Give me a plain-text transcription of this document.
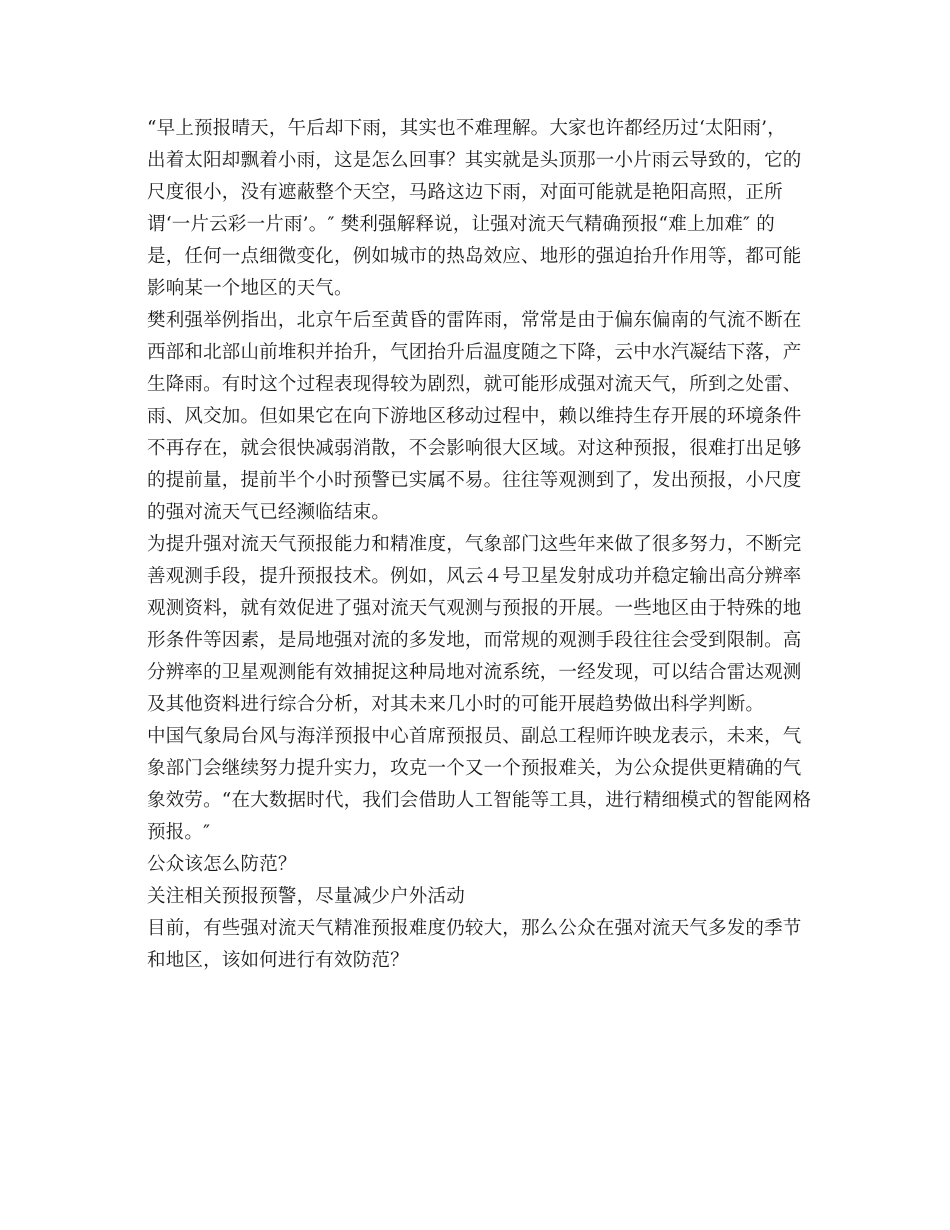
“早上预报晴天，午后却下雨，其实也不难理解。大家也许都经历过‘太阳雨’，
出着太阳却飘着小雨，这是怎么回事？其实就是头顶那一小片雨云导致的，它的
尺度很小，没有遮蔽整个天空，马路这边下雨，对面可能就是艳阳高照，正所
谓‘一片云彩一片雨’。″ 樊利强解释说，让强对流天气精确预报“难上加难″ 的
是，任何一点细微变化，例如城市的热岛效应、地形的强迫抬升作用等，都可能
影响某一个地区的天气。
樊利强举例指出，北京午后至黄昏的雷阵雨，常常是由于偏东偏南的气流不断在
西部和北部山前堆积并抬升，气团抬升后温度随之下降，云中水汽凝结下落，产
生降雨。有时这个过程表现得较为剧烈，就可能形成强对流天气，所到之处雷、
雨、风交加。但如果它在向下游地区移动过程中，赖以维持生存开展的环境条件
不再存在，就会很快减弱消散，不会影响很大区域。对这种预报，很难打出足够
的提前量，提前半个小时预警已实属不易。往往等观测到了，发出预报，小尺度
的强对流天气已经濒临结束。
为提升强对流天气预报能力和精准度，气象部门这些年来做了很多努力，不断完
善观测手段，提升预报技术。例如，风云４号卫星发射成功并稳定输出高分辨率
观测资料，就有效促进了强对流天气观测与预报的开展。一些地区由于特殊的地
形条件等因素，是局地强对流的多发地，而常规的观测手段往往会受到限制。高
分辨率的卫星观测能有效捕捉这种局地对流系统，一经发现，可以结合雷达观测
及其他资料进行综合分析，对其未来几小时的可能开展趋势做出科学判断。
中国气象局台风与海洋预报中心首席预报员、副总工程师许映龙表示，未来，气
象部门会继续努力提升实力，攻克一个又一个预报难关，为公众提供更精确的气
象效劳。“在大数据时代，我们会借助人工智能等工具，进行精细模式的智能网格
预报。″
公众该怎么防范？
关注相关预报预警，尽量减少户外活动
目前，有些强对流天气精准预报难度仍较大，那么公众在强对流天气多发的季节
和地区，该如何进行有效防范？
